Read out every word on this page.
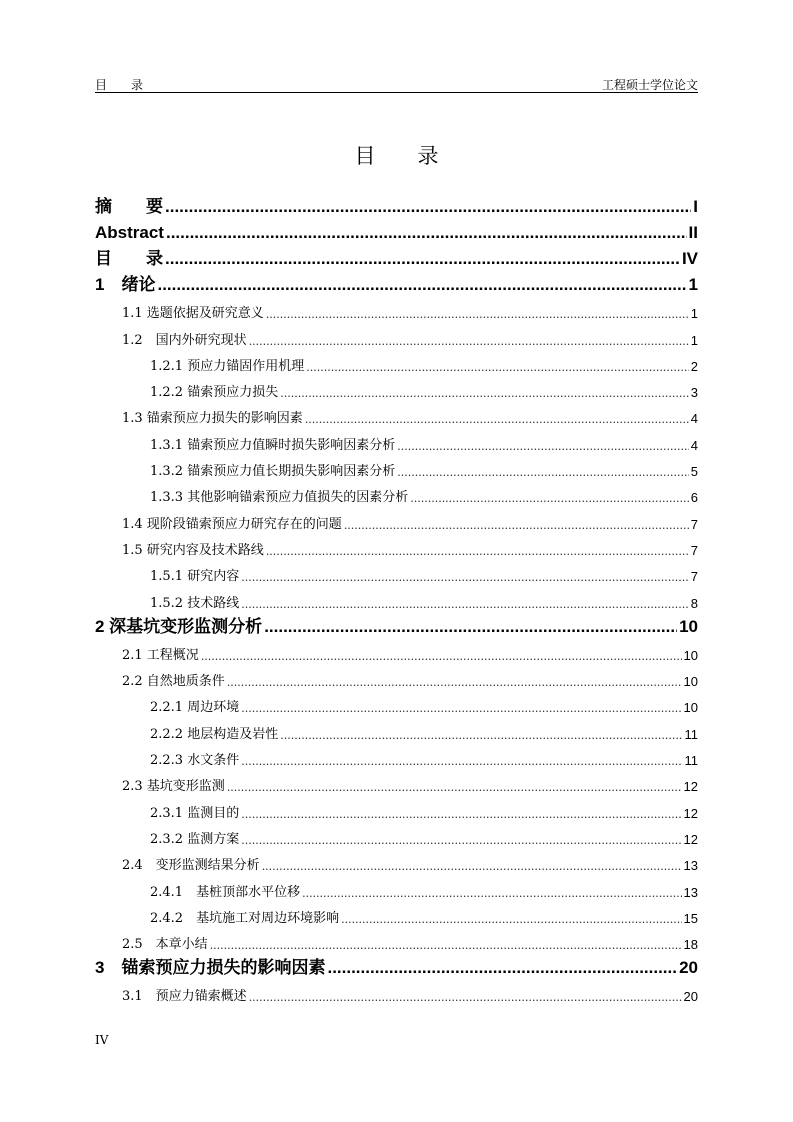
目　　录	工程硕士学位论文
目　　录
摘　　要 .....	I
Abstract .....	II
目　　录 .....	IV
1　绪论 .....	1
1.1 选题依据及研究意义 .....	1
1.2　国内外研究现状 .....	1
1.2.1 预应力锚固作用机理 .....	2
1.2.2 锚索预应力损失 .....	3
1.3 锚索预应力损失的影响因素 .....	4
1.3.1 锚索预应力值瞬时损失影响因素分析 .....	4
1.3.2 锚索预应力值长期损失影响因素分析 .....	5
1.3.3 其他影响锚索预应力值损失的因素分析 .....	6
1.4 现阶段锚索预应力研究存在的问题 .....	7
1.5 研究内容及技术路线 .....	7
1.5.1 研究内容 .....	7
1.5.2 技术路线 .....	8
2 深基坑变形监测分析 .....	10
2.1 工程概况 .....	10
2.2 自然地质条件 .....	10
2.2.1 周边环境 .....	10
2.2.2 地层构造及岩性 .....	11
2.2.3 水文条件 .....	11
2.3 基坑变形监测 .....	12
2.3.1 监测目的 .....	12
2.3.2 监测方案 .....	12
2.4　变形监测结果分析 .....	13
2.4.1　基桩顶部水平位移 .....	13
2.4.2　基坑施工对周边环境影响 .....	15
2.5　本章小结 .....	18
3　锚索预应力损失的影响因素 .....	20
3.1　预应力锚索概述 .....	20
IV
